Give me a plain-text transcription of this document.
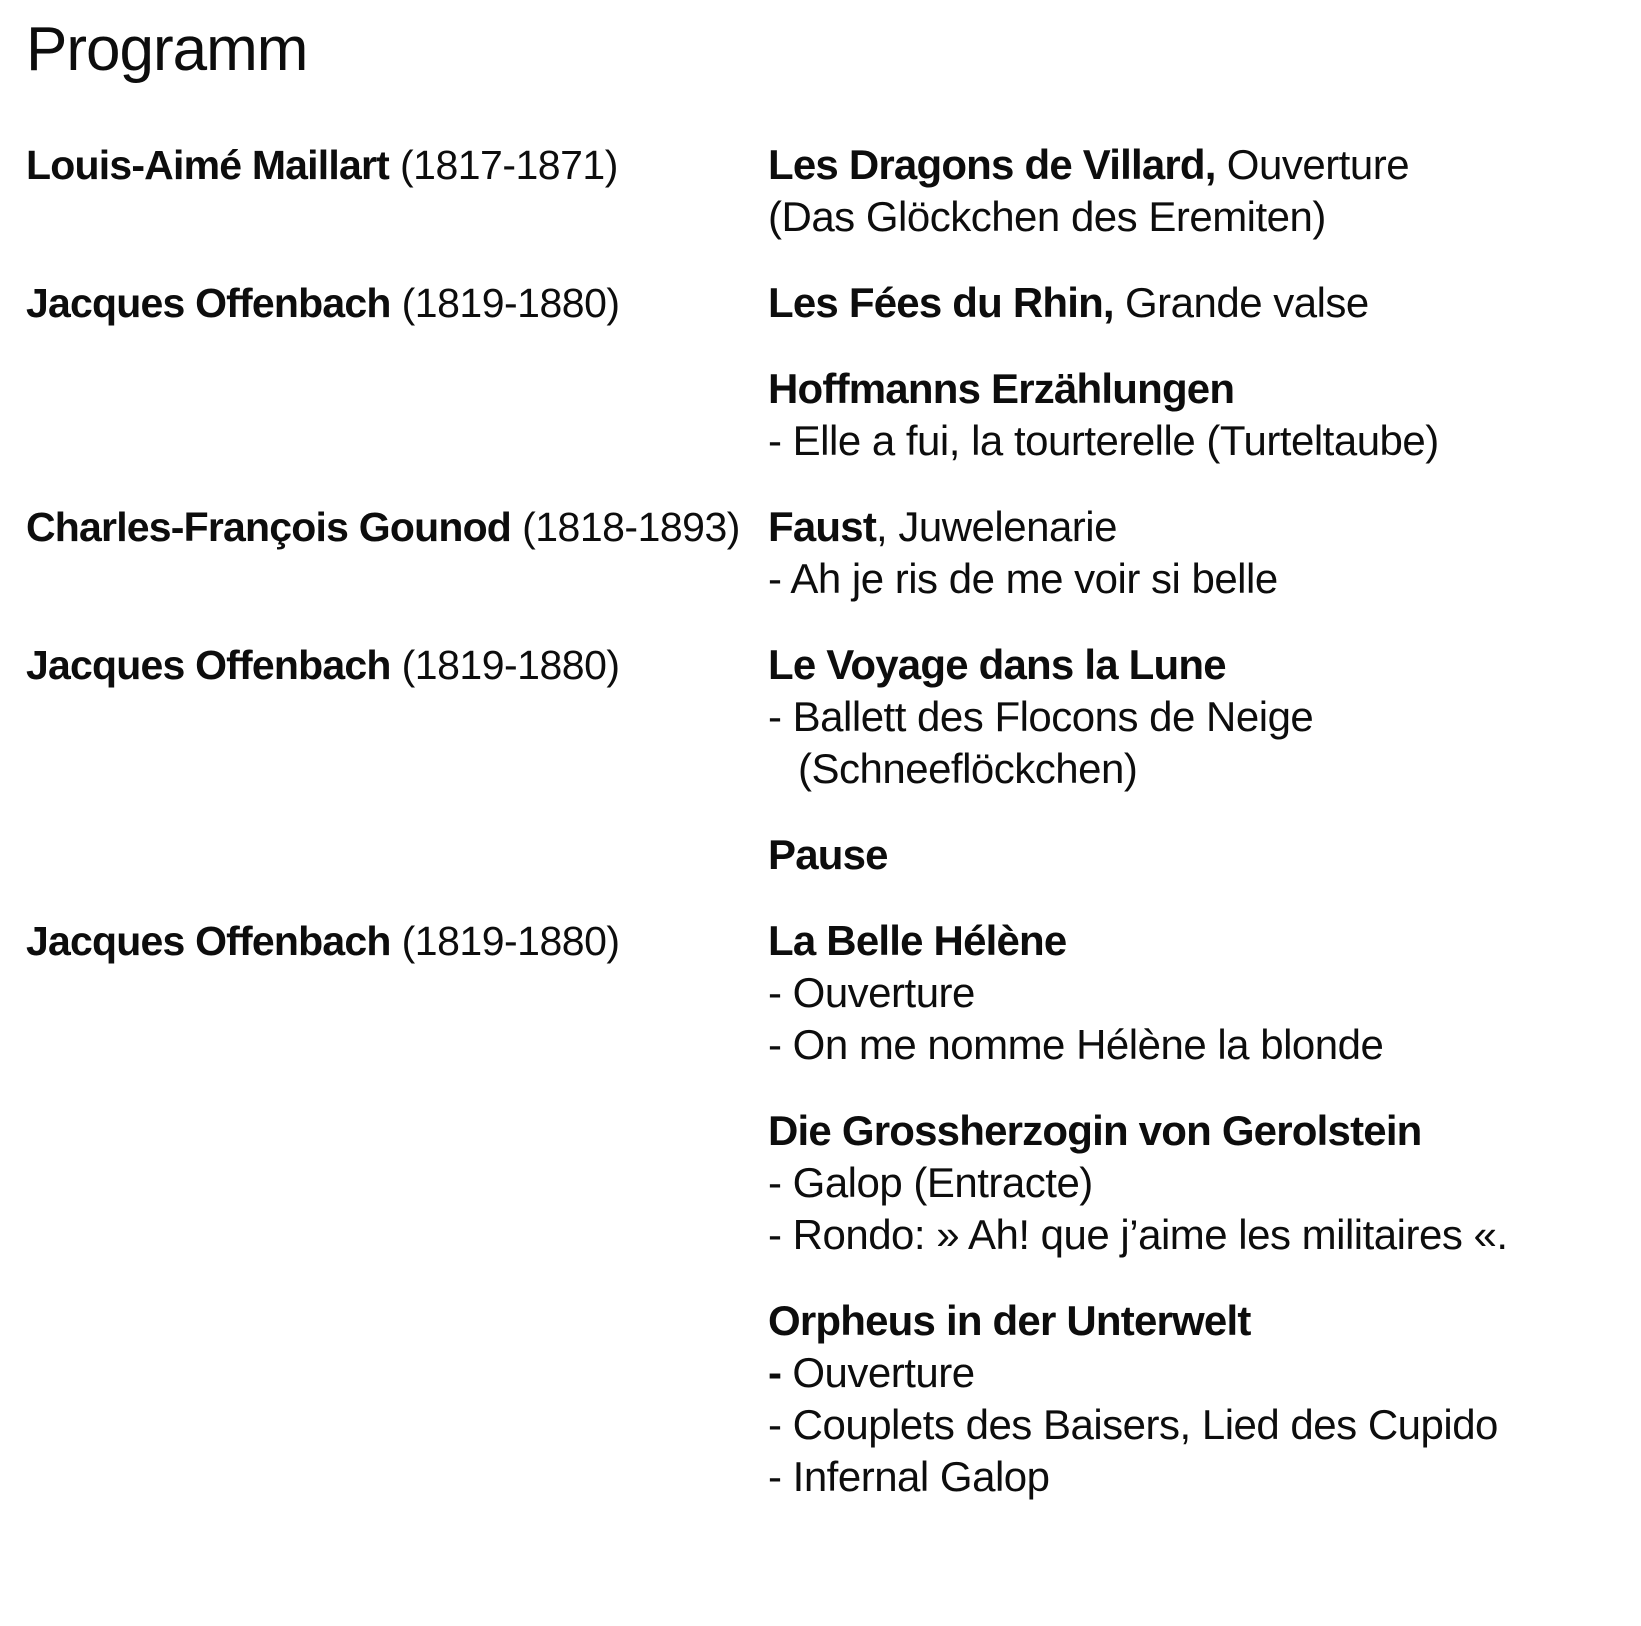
Programm
Louis-Aimé Maillart (1817-1871)	Les Dragons de Villard, Ouverture
(Das Glöckchen des Eremiten)
Jacques Offenbach (1819-1880)	Les Fées du Rhin, Grande valse
Hoffmanns Erzählungen
- Elle a fui, la tourterelle (Turteltaube)
Charles-François Gounod (1818-1893) Faust, Juwelenarie
- Ah je ris de me voir si belle
Jacques Offenbach (1819-1880)	Le Voyage dans la Lune
- Ballett des Flocons de Neige
(Schneeflöckchen)
Pause
Jacques Offenbach (1819-1880)	La Belle Hélène
- Ouverture
- On me nomme Hélène la blonde
Die Grossherzogin von Gerolstein
- Galop (Entracte)
- Rondo: » Ah! que j’aime les militaires «.
Orpheus in der Unterwelt
- Ouverture
- Couplets des Baisers, Lied des Cupido
- Infernal Galop
